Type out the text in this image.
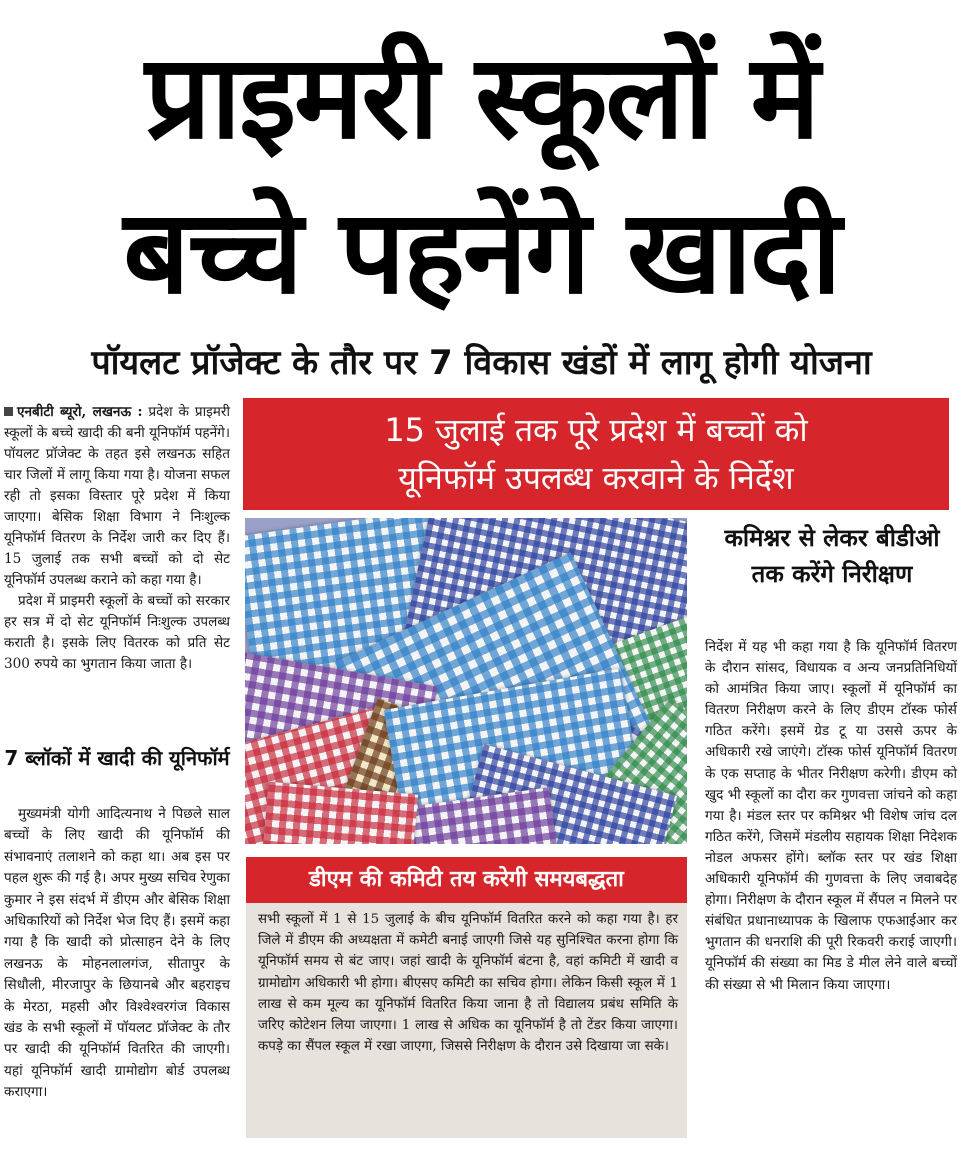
प्राइमरी स्कूलों में
बच्चे पहनेंगे खादी
पॉयलट प्रॉजेक्ट के तौर पर 7 विकास खंडों में लागू होगी योजना

एनबीटी ब्यूरो, लखनऊ : प्रदेश के प्राइमरी स्कूलों के बच्चे खादी की बनी यूनिफॉर्म पहनेंगे। पॉयलट प्रॉजेक्ट के तहत इसे लखनऊ सहित चार जिलों में लागू किया गया है। योजना सफल रही तो इसका विस्तार पूरे प्रदेश में किया जाएगा। बेसिक शिक्षा विभाग ने निःशुल्क यूनिफॉर्म वितरण के निर्देश जारी कर दिए हैं। 15 जुलाई तक सभी बच्चों को दो सेट यूनिफॉर्म उपलब्ध कराने को कहा गया है।

प्रदेश में प्राइमरी स्कूलों के बच्चों को सरकार हर सत्र में दो सेट यूनिफॉर्म निःशुल्क उपलब्ध कराती है। इसके लिए वितरक को प्रति सेट 300 रुपये का भुगतान किया जाता है।

7 ब्लॉकों में खादी की यूनिफॉर्म

मुख्यमंत्री योगी आदित्यनाथ ने पिछले साल बच्चों के लिए खादी की यूनिफॉर्म की संभावनाएं तलाशने को कहा था। अब इस पर पहल शुरू की गई है। अपर मुख्य सचिव रेणुका कुमार ने इस संदर्भ में डीएम और बेसिक शिक्षा अधिकारियों को निर्देश भेज दिए हैं। इसमें कहा गया है कि खादी को प्रोत्साहन देने के लिए लखनऊ के मोहनलालगंज, सीतापुर के सिधौली, मीरजापुर के छियानबे और बहराइच के मेरठा, महसी और विश्वेश्वरगंज विकास खंड के सभी स्कूलों में पॉयलट प्रॉजेक्ट के तौर पर खादी की यूनिफॉर्म वितरित की जाएगी। यहां यूनिफॉर्म खादी ग्रामोद्योग बोर्ड उपलब्ध कराएगा।

15 जुलाई तक पूरे प्रदेश में बच्चों को
यूनिफॉर्म उपलब्ध करवाने के निर्देश
डीएम की कमिटी तय करेगी समयबद्धता

सभी स्कूलों में 1 से 15 जुलाई के बीच यूनिफॉर्म वितरित करने को कहा गया है। हर जिले में डीएम की अध्यक्षता में कमेटी बनाई जाएगी जिसे यह सुनिश्चित करना होगा कि यूनिफॉर्म समय से बंट जाए। जहां खादी के यूनिफॉर्म बंटना है, वहां कमिटी में खादी व ग्रामोद्योग अधिकारी भी होगा। बीएसए कमिटी का सचिव होगा। लेकिन किसी स्कूल में 1 लाख से कम मूल्य का यूनिफॉर्म वितरित किया जाना है तो विद्यालय प्रबंध समिति के जरिए कोटेशन लिया जाएगा। 1 लाख से अधिक का यूनिफॉर्म है तो टेंडर किया जाएगा। कपड़े का सैंपल स्कूल में रखा जाएगा, जिससे निरीक्षण के दौरान उसे दिखाया जा सके।

कमिश्नर से लेकर बीडीओ तक करेंगे निरीक्षण

निर्देश में यह भी कहा गया है कि यूनिफॉर्म वितरण के दौरान सांसद, विधायक व अन्य जनप्रतिनिधियों को आमंत्रित किया जाए। स्कूलों में यूनिफॉर्म का वितरण निरीक्षण करने के लिए डीएम टॉस्क फोर्स गठित करेंगे। इसमें ग्रेड टू या उससे ऊपर के अधिकारी रखे जाएंगे। टॉस्क फोर्स यूनिफॉर्म वितरण के एक सप्ताह के भीतर निरीक्षण करेगी। डीएम को खुद भी स्कूलों का दौरा कर गुणवत्ता जांचने को कहा गया है। मंडल स्तर पर कमिश्नर भी विशेष जांच दल गठित करेंगे, जिसमें मंडलीय सहायक शिक्षा निदेशक नोडल अफसर होंगे। ब्लॉक स्तर पर खंड शिक्षा अधिकारी यूनिफॉर्म की गुणवत्ता के लिए जवाबदेह होगा। निरीक्षण के दौरान स्कूल में सैंपल न मिलने पर संबंधित प्रधानाध्यापक के खिलाफ एफआईआर कर भुगतान की धनराशि की पूरी रिकवरी कराई जाएगी। यूनिफॉर्म की संख्या का मिड डे मील लेने वाले बच्चों की संख्या से भी मिलान किया जाएगा।
